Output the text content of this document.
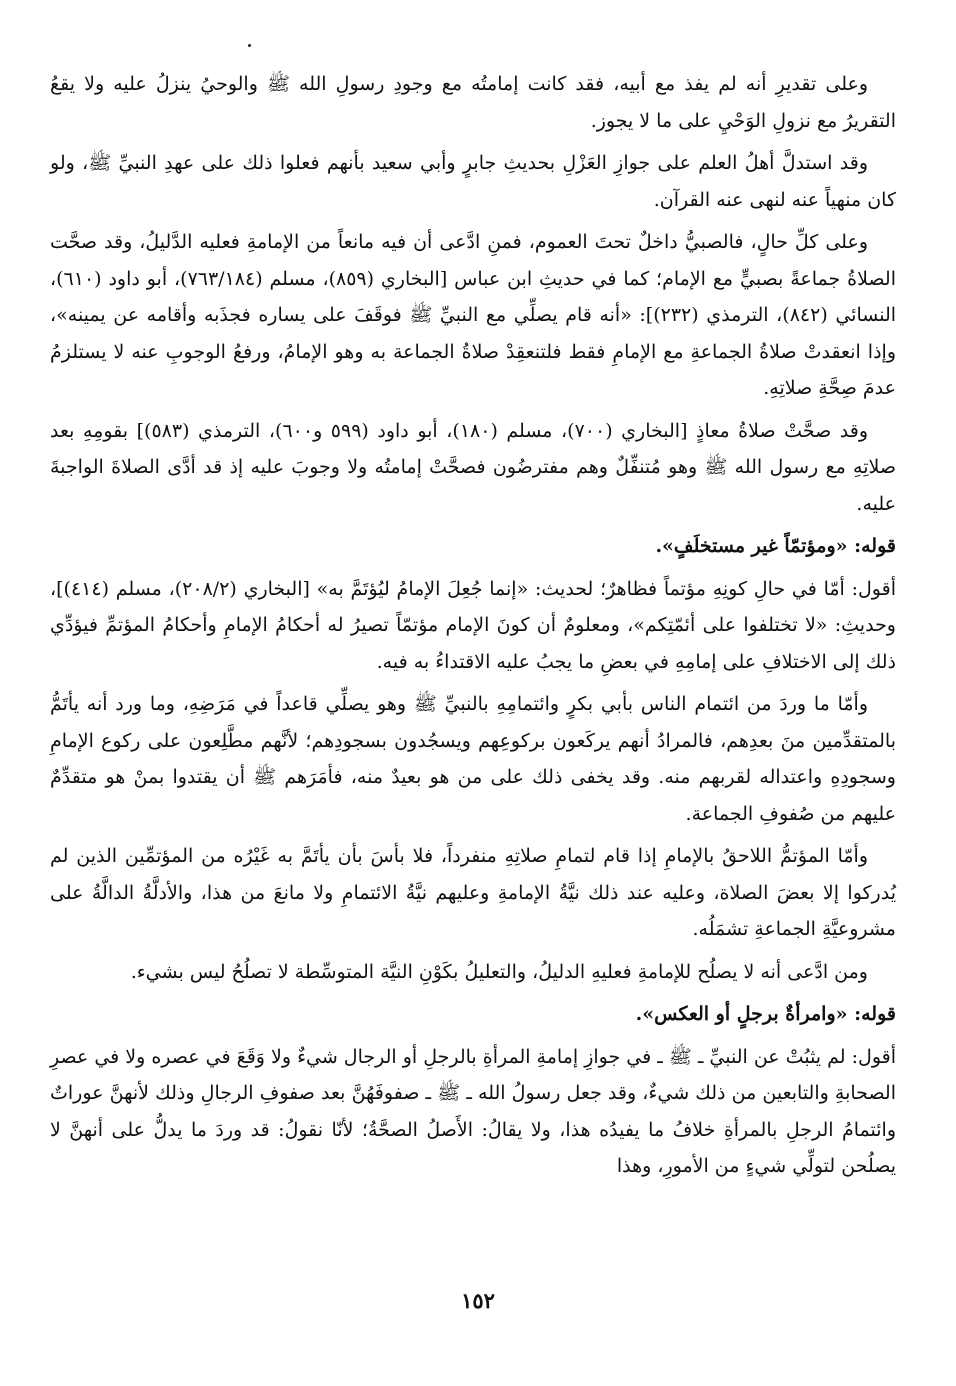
وعلى تقديرِ أنه لم يفذ مع أبيه، فقد كانت إمامتُه مع وجودِ رسولِ الله ﷺ والوحيُ ينزلُ عليه ولا يقعُ التقريرُ مع نزولِ الوَحْيِ على ما لا يجوز.

وقد استدلَّ أهلُ العلم على جوازِ العَزْلِ بحديثِ جابرٍ وأبي سعيد بأنهم فعلوا ذلك على عهدِ النبيِّ ﷺ، ولو كان منهياً عنه لنهى عنه القرآن.

وعلى كلِّ حالٍ، فالصبيُّ داخلٌ تحتَ العموم، فمنِ ادَّعى أن فيه مانعاً من الإمامةِ فعليه الدَّليلُ، وقد صحَّت الصلاةُ جماعةً بصبيٍّ مع الإمام؛ كما في حديثِ ابن عباس [البخاري (٨٥٩)، مسلم (٧٦٣/١٨٤)، أبو داود (٦١٠)، النسائي (٨٤٢)، الترمذي (٢٣٢)]: «أنه قام يصلِّي مع النبيِّ ﷺ فوقَفَ على يساره فجذَبه وأقامه عن يمينه»، وإذا انعقدتْ صلاةُ الجماعةِ مع الإمامِ فقط فلتنعقِدْ صلاةُ الجماعة به وهو الإمامُ، ورفعُ الوجوبِ عنه لا يستلزمُ عدمَ صِحَّةِ صلاتِهِ.

وقد صحَّتْ صلاةُ معاذٍ [البخاري (٧٠٠)، مسلم (١٨٠)، أبو داود (٥٩٩ و٦٠٠)، الترمذي (٥٨٣)] بقومِهِ بعد صلاتِهِ مع رسول الله ﷺ وهو مُتنفِّلٌ وهم مفترضُون فصحَّتْ إمامتُه ولا وجوبَ عليه إذ قد أدَّى الصلاةَ الواجبةَ عليه.

قوله: «ومؤتمّاً غير مستخلَفٍ».

أقول: أمّا في حالِ كونِهِ مؤتماً فظاهرٌ؛ لحديث: «إنما جُعِلَ الإمامُ ليُؤتَمَّ به» [البخاري (٢٠٨/٢)، مسلم (٤١٤)]، وحديثِ: «لا تختلفوا على أئمّتِكم»، ومعلومٌ أن كونَ الإمام مؤتمّاً تصيرُ له أحكامُ الإمامِ وأحكامُ المؤتمِّ فيؤدِّي ذلك إلى الاختلافِ على إمامِهِ في بعضِ ما يجبُ عليه الاقتداءُ به فيه.

وأمّا ما وردَ من ائتمام الناس بأبي بكرٍ وائتمامِهِ بالنبيِّ ﷺ وهو يصلِّي قاعداً في مَرَضِهِ، وما ورد أنه يأتَمُّ بالمتقدِّمين منَ بعدِهم، فالمرادُ أنهم يركَعون بركوعِهم ويسجُدون بسجودِهم؛ لأنَّهم مطَّلِعون على ركوع الإمامِ وسجودِهِ واعتداله لقربهم منه. وقد يخفى ذلك على من هو بعيدٌ منه، فأمَرَهم ﷺ أن يقتدوا بمنْ هو متقدِّمٌ عليهم من صُفوفِ الجماعة.

وأمّا المؤتمُّ اللاحقُ بالإمامِ إذا قام لتمامِ صلاتِهِ منفرداً، فلا بأسَ بأن يأتَمَّ به غَيْرُه من المؤتمِّين الذين لم يُدركوا إلا بعضَ الصلاة، وعليه عند ذلك نيَّةُ الإمامةِ وعليهم نيَّةُ الائتمامِ ولا مانعَ من هذا، والأدلَّةُ الدالَّةُ على مشروعيَّةِ الجماعةِ تشمَلُه.

ومن ادَّعى أنه لا يصلُح للإمامةِ فعليهِ الدليلُ، والتعليلُ بكَوْنِ النيَّة المتوسِّطة لا تصلُحُ ليس بشيء.

قوله: «وامرأةٌ برجلٍ أو العكس».

أقول: لم يثبُتْ عن النبيِّ ـ ﷺ ـ في جوازِ إمامةِ المرأةِ بالرجلِ أو الرجال شيءٌ ولا وَقَعَ في عصره ولا في عصرِ الصحابةِ والتابعين من ذلك شيءٌ، وقد جعل رسولُ الله ـ ﷺ ـ صفوفَهُنَّ بعد صفوفِ الرجالِ وذلك لأنهنَّ عوراتٌ وائتمامُ الرجلِ بالمرأةِ خلافُ ما يفيدُه هذا، ولا يقالُ: الأَصلُ الصحَّةُ؛ لأنّا نقولُ: قد وردَ ما يدلُّ على أنهنَّ لا يصلُحن لتولِّي شيءٍ من الأمورِ، وهذا

١٥٢
